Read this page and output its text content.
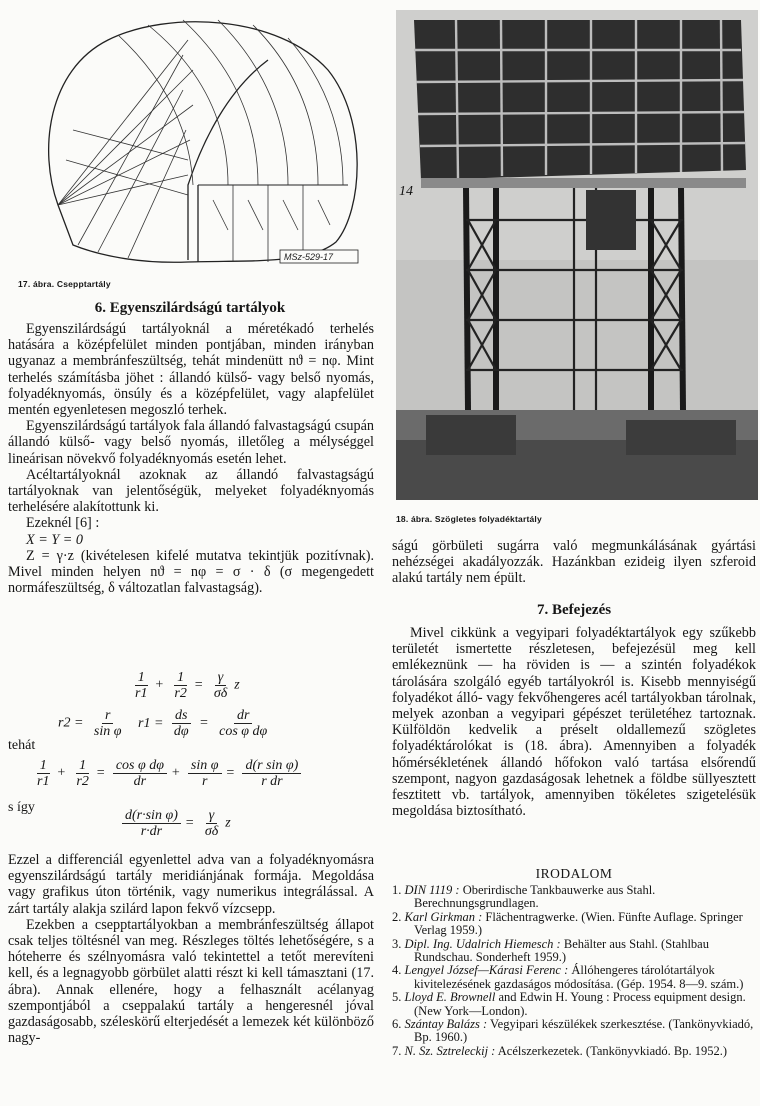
MSz-529-17
17. ábra. Csepptartály
14
18. ábra. Szögletes folyadéktartály
6. Egyenszilárdságú tartályok

Egyenszilárdságú tartályoknál a méretékadó terhelés hatására a középfelület minden pontjában, minden irányban ugyanaz a membránfeszültség, tehát mindenütt nϑ = nφ. Mint terhelés számításba jöhet : állandó külső- vagy belső nyomás, folyadéknyomás, önsúly és a középfelület, vagy alapfelület mentén egyenletesen megoszló terhek.

Egyenszilárdságú tartályok fala állandó falvastagságú csupán állandó külső- vagy belső nyomás, illetőleg a mélységgel lineárisan növekvő folyadéknyomás esetén lehet.

Acéltartályoknál azoknak az állandó falvastagságú tartályoknak van jelentőségük, melyeket folyadéknyomás terhelésére alakítottunk ki.

Ezeknél [6] :

X = Y = 0

Z = γ·z (kivételesen kifelé mutatva tekintjük pozitívnak). Mivel minden helyen nϑ = nφ = σ · δ (σ megengedett normáfeszültség, δ változatlan falvastagság).

$\frac{1}{r1} + \frac{1}{r2} = \frac{\gamma}{\sigma\delta}$ z
$r2 = \frac{r}{\text{sin φ}} r1 = \frac{ds}{d\varphi} = \frac{dr}{\text{cos φ dφ}}$
tehát
$\frac{1}{r1} + \frac{1}{r2} = \frac{\text{cos φ dφ}}{dr} + \frac{\text{sin φ}}{r} = \frac{\text{d(r sin φ)}}{\text{r dr}}$
s így
$\frac{\text{d(r·sin φ)}}{r\cdot dr} = \frac{\gamma}{\sigma\delta}$ z

Ezzel a differenciál egyenlettel adva van a folyadéknyomásra egyenszilárdságú tartály meridiánjának formája. Megoldása vagy grafikus úton történik, vagy numerikus integrálással. A zárt tartály alakja szilárd lapon fekvő vízcsepp.

Ezekben a csepptartályokban a membránfeszültség állapot csak teljes töltésnél van meg. Részleges töltés lehetőségére, s a hóteherre és szélnyomásra való tekintettel a tetőt merevíteni kell, és a legnagyobb görbület alatti részt ki kell támasztani (17. ábra). Annak ellenére, hogy a felhasznált acélanyag szempontjából a cseppalakú tartály a hengeresnél jóval gazdaságosabb, széleskörű elterjedését a lemezek két különböző nagy-

ságú görbületi sugárra való megmunkálásának gyártási nehézségei akadályozzák. Hazánkban ezideig ilyen szferoid alakú tartály nem épült.

7. Befejezés

Mivel cikkünk a vegyipari folyadéktartályok egy szűkebb területét ismertette részletesen, befejezésül meg kell emlékeznünk — ha röviden is — a szintén folyadékok tárolására szolgáló egyéb tartályokról is. Kisebb mennyiségű folyadékot álló- vagy fekvőhengeres acél tartályokban tárolnak, melyek azonban a vegyipari gépészet területéhez tartoznak. Külföldön kedvelik a préselt oldallemezű szögletes folyadéktárolókat is (18. ábra). Amennyiben a folyadék hőmérsékletének állandó hőfokon való tartása elsőrendű szempont, nagyon gazdaságosak lehetnek a földbe süllyesztett fesztitett vb. tartályok, amennyiben tökéletes szigetelésük megoldása biztosítható.

IRODALOM

1. DIN 1119 : Oberirdische Tankbauwerke aus Stahl. Berechnungsgrundlagen.

2. Karl Girkman : Flächentragwerke. (Wien. Fünfte Auflage. Springer Verlag 1959.)

3. Dipl. Ing. Udalrich Hiemesch : Behälter aus Stahl. (Stahlbau Rundschau. Sonderheft 1959.)

4. Lengyel József—Kárasi Ferenc : Állóhengeres tárolótartályok kivitelezésének gazdaságos módosítása. (Gép. 1954. 8—9. szám.)

5. Lloyd E. Brownell and Edwin H. Young : Process equipment design. (New York—London).

6. Szántay Balázs : Vegyipari készülékek szerkesztése. (Tankönyvkiadó, Bp. 1960.)

7. N. Sz. Sztreleckij : Acélszerkezetek. (Tankönyvkiadó. Bp. 1952.)
